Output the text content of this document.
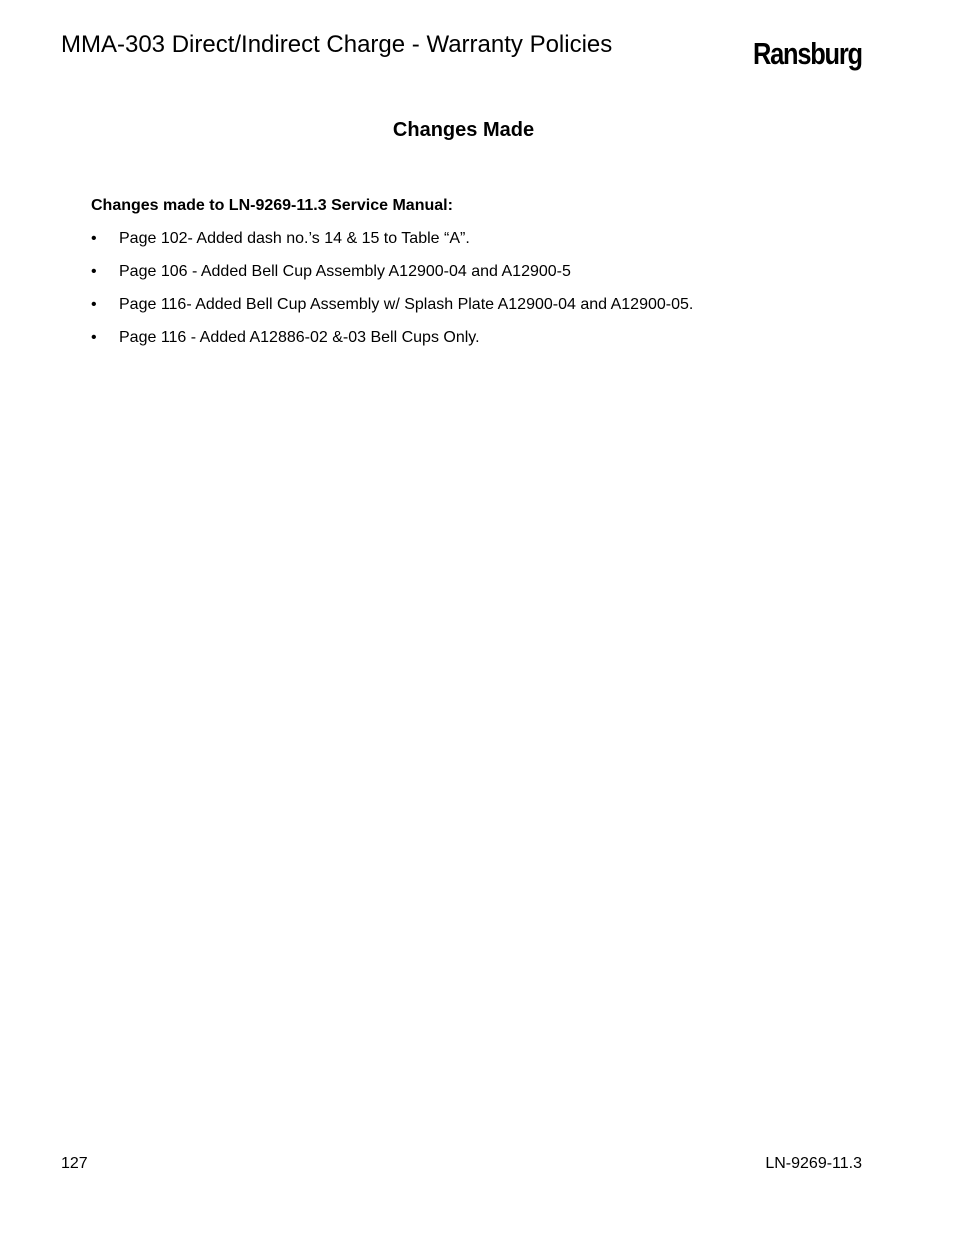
MMA-303 Direct/Indirect Charge - Warranty Policies	Ransburg
Changes Made
Changes made to LN-9269-11.3 Service Manual:
• Page 102- Added dash no.’s 14 & 15 to Table “A”.
• Page 106 - Added Bell Cup Assembly A12900-04 and A12900-5
• Page 116- Added Bell Cup Assembly w/ Splash Plate A12900-04 and A12900-05.
• Page 116 - Added A12886-02 &-03 Bell Cups Only.
127	LN-9269-11.3
